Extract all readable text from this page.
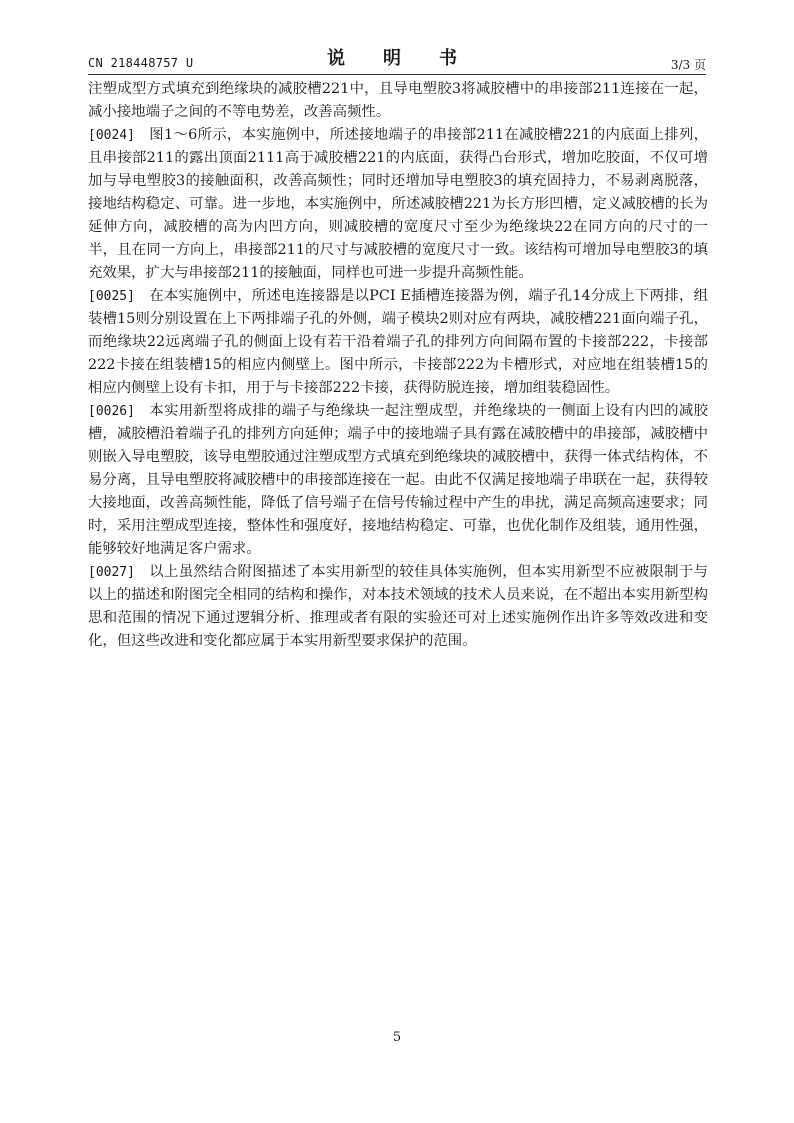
CN 218448757 U	说　明　书	3/3 页

注塑成型方式填充到绝缘块的减胶槽221中，且导电塑胶3将减胶槽中的串接部211连接在一起，减小接地端子之间的不等电势差，改善高频性。

[0024] 图1～6所示，本实施例中，所述接地端子的串接部211在减胶槽221的内底面上排列，且串接部211的露出顶面2111高于减胶槽221的内底面，获得凸台形式，增加吃胶面，不仅可增加与导电塑胶3的接触面积，改善高频性；同时还增加导电塑胶3的填充固持力，不易剥离脱落，接地结构稳定、可靠。进一步地，本实施例中，所述减胶槽221为长方形凹槽，定义减胶槽的长为延伸方向，减胶槽的高为内凹方向，则减胶槽的宽度尺寸至少为绝缘块22在同方向的尺寸的一半，且在同一方向上，串接部211的尺寸与减胶槽的宽度尺寸一致。该结构可增加导电塑胶3的填充效果，扩大与串接部211的接触面，同样也可进一步提升高频性能。

[0025] 在本实施例中，所述电连接器是以PCI E插槽连接器为例，端子孔14分成上下两排，组装槽15则分别设置在上下两排端子孔的外侧，端子模块2则对应有两块，减胶槽221面向端子孔，而绝缘块22远离端子孔的侧面上设有若干沿着端子孔的排列方向间隔布置的卡接部222，卡接部222卡接在组装槽15的相应内侧壁上。图中所示，卡接部222为卡槽形式，对应地在组装槽15的相应内侧壁上设有卡扣，用于与卡接部222卡接，获得防脱连接，增加组装稳固性。

[0026] 本实用新型将成排的端子与绝缘块一起注塑成型，并绝缘块的一侧面上设有内凹的减胶槽，减胶槽沿着端子孔的排列方向延伸；端子中的接地端子具有露在减胶槽中的串接部，减胶槽中则嵌入导电塑胶，该导电塑胶通过注塑成型方式填充到绝缘块的减胶槽中，获得一体式结构体，不易分离，且导电塑胶将减胶槽中的串接部连接在一起。由此不仅满足接地端子串联在一起，获得较大接地面，改善高频性能，降低了信号端子在信号传输过程中产生的串扰，满足高频高速要求；同时，采用注塑成型连接，整体性和强度好，接地结构稳定、可靠，也优化制作及组装，通用性强，能够较好地满足客户需求。

[0027] 以上虽然结合附图描述了本实用新型的较佳具体实施例，但本实用新型不应被限制于与以上的描述和附图完全相同的结构和操作，对本技术领域的技术人员来说，在不超出本实用新型构思和范围的情况下通过逻辑分析、推理或者有限的实验还可对上述实施例作出许多等效改进和变化，但这些改进和变化都应属于本实用新型要求保护的范围。

5
